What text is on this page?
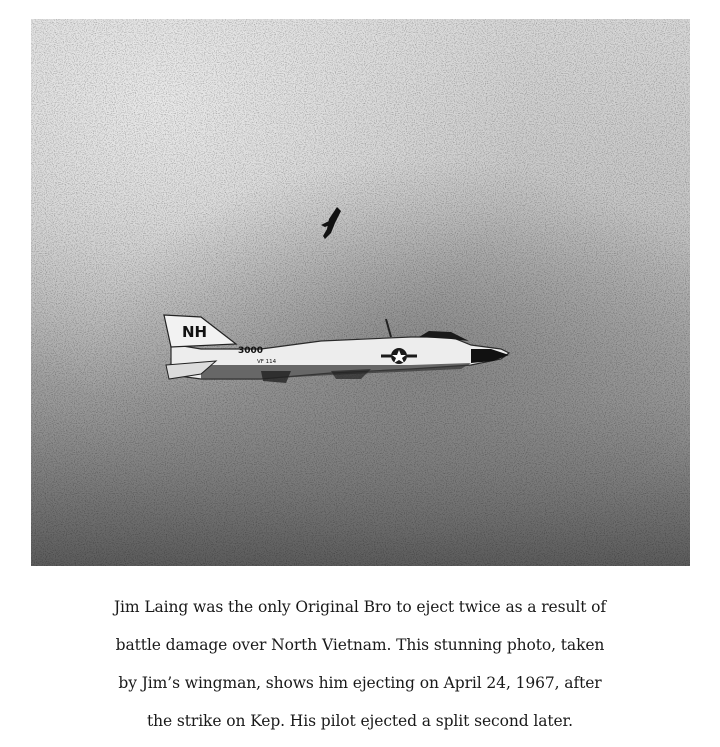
NH
3000
VF 114

Jim Laing was the only Original Bro to eject twice as a result of
battle damage over North Vietnam. This stunning photo, taken
by Jim’s wingman, shows him ejecting on April 24, 1967, after
the strike on Kep. His pilot ejected a split second later.
